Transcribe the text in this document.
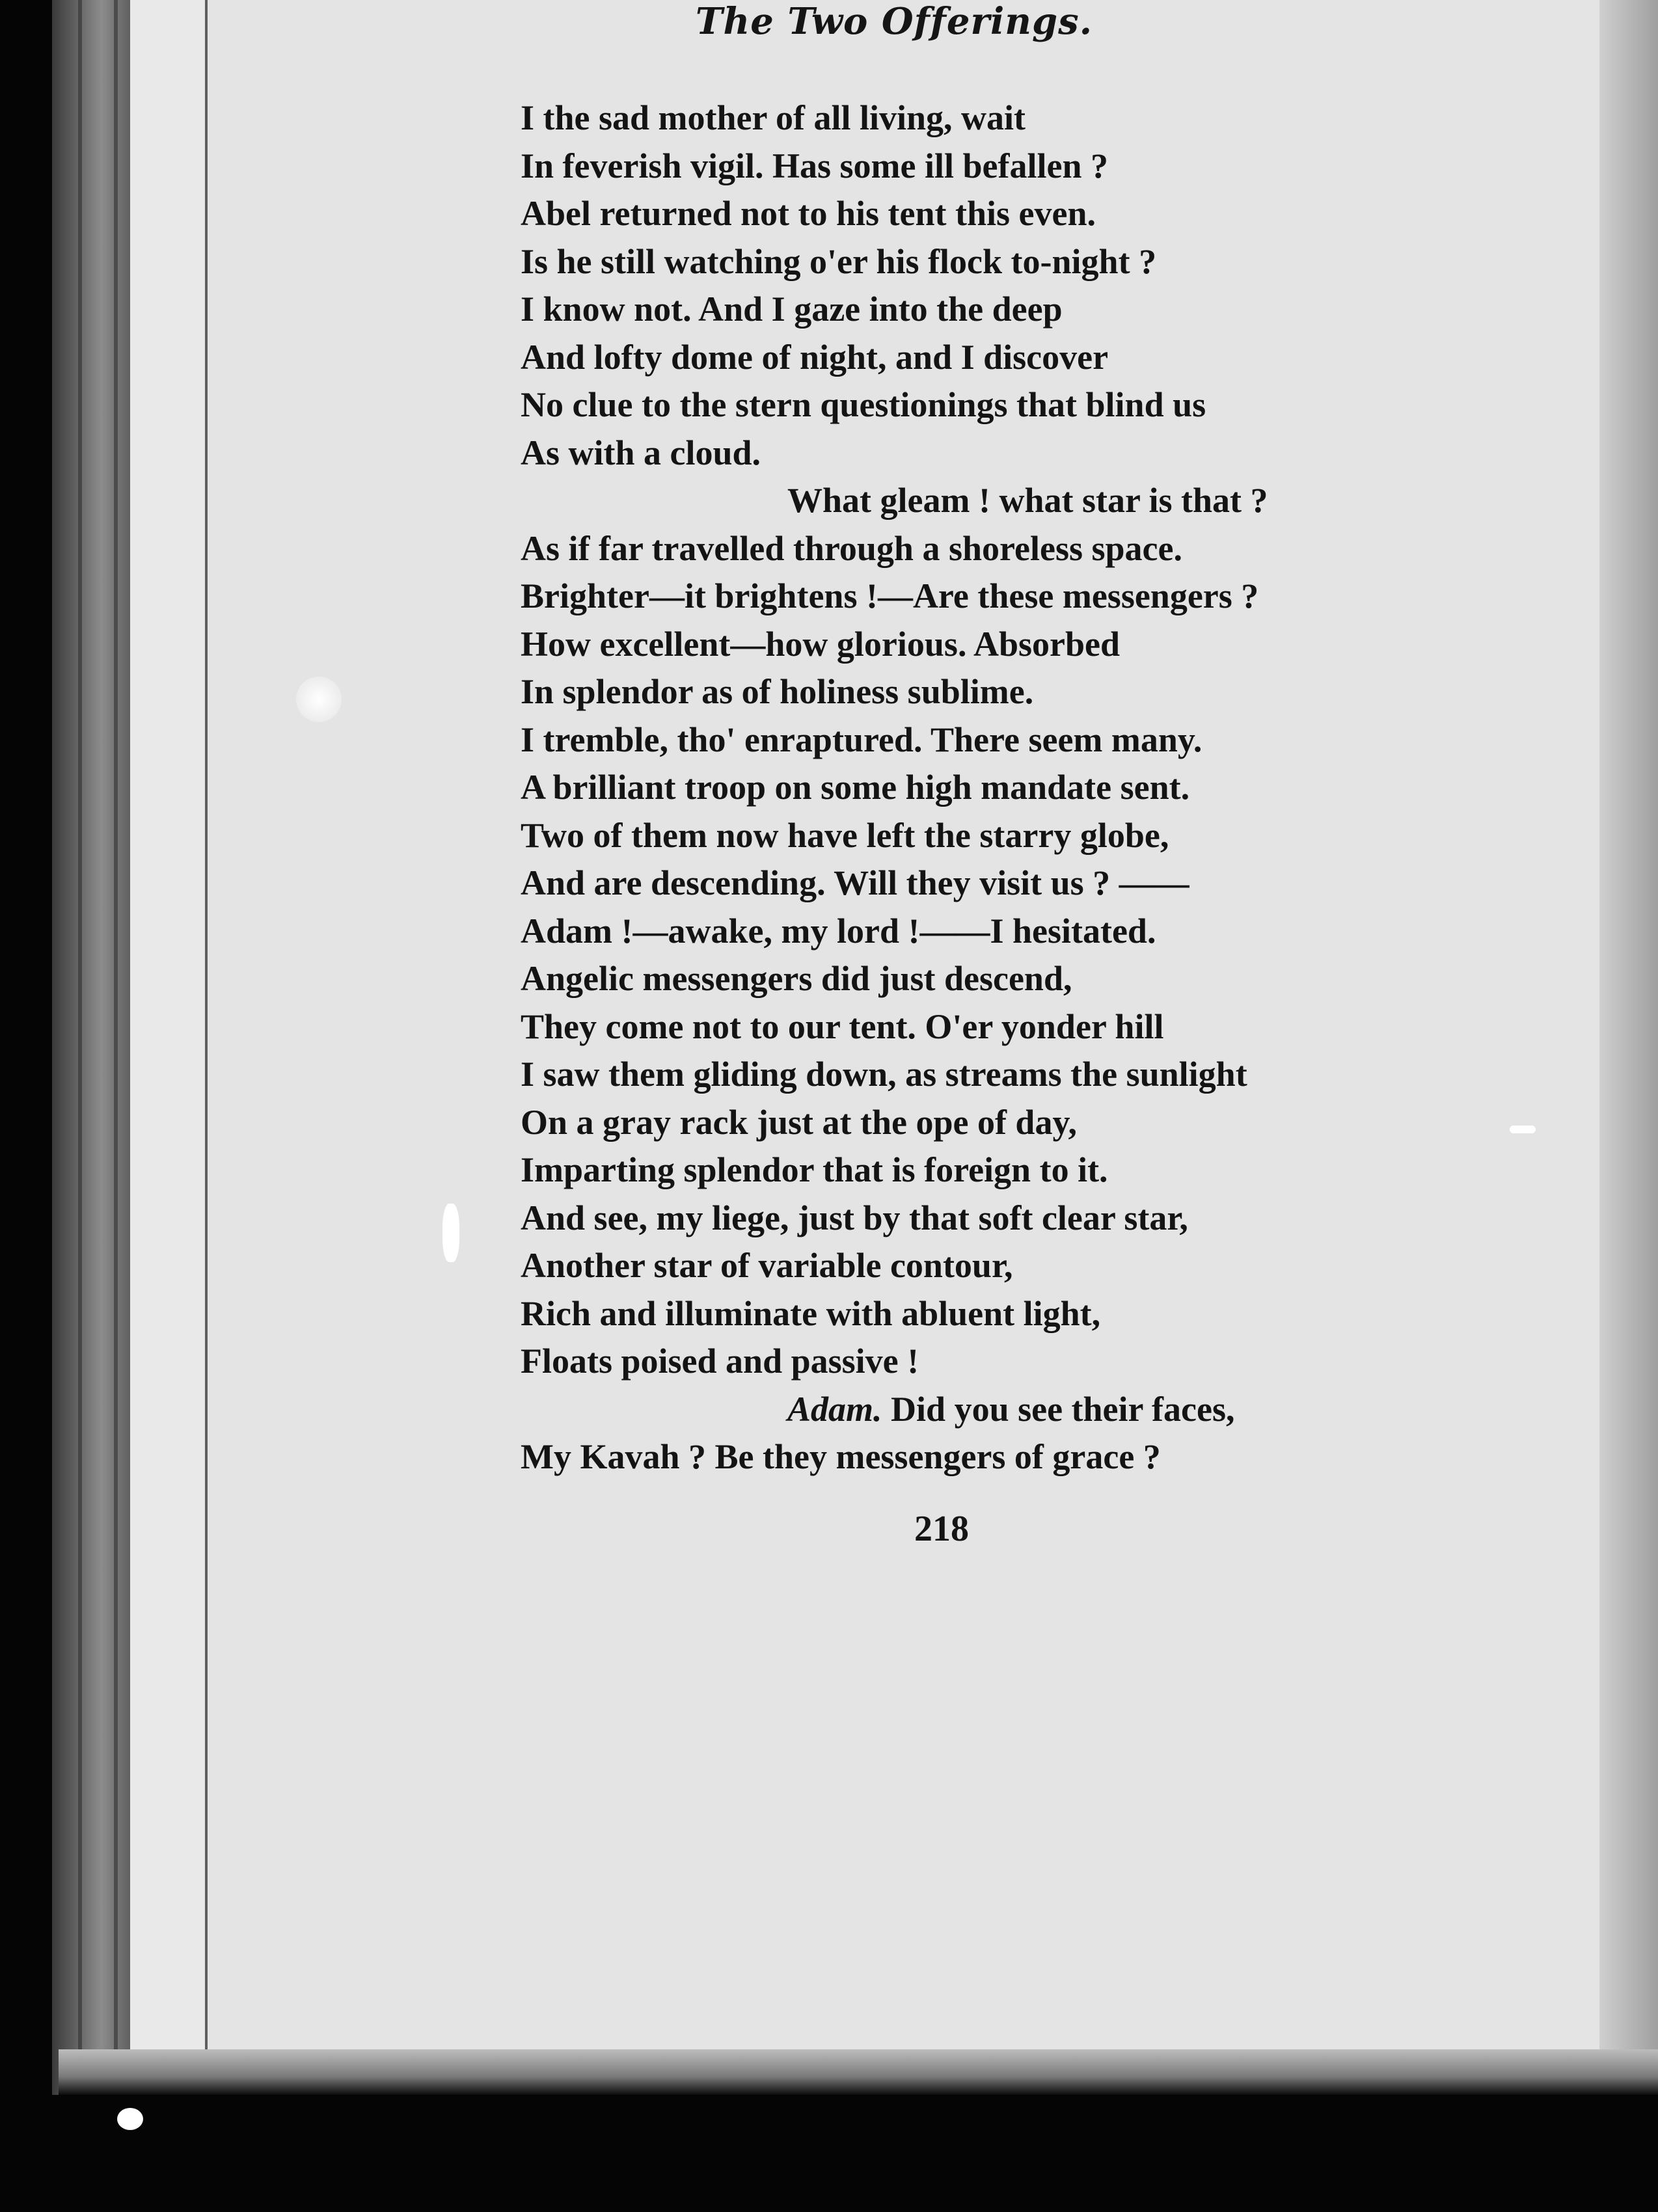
The Two Offerings.
I the sad mother of all living, wait
In feverish vigil. Has some ill befallen ?
Abel returned not to his tent this even.
Is he still watching o'er his flock to-night ?
I know not. And I gaze into the deep
And lofty dome of night, and I discover
No clue to the stern questionings that blind us
As with a cloud.
What gleam ! what star is that ?
As if far travelled through a shoreless space.
Brighter—it brightens !—Are these messengers ?
How excellent—how glorious. Absorbed
In splendor as of holiness sublime.
I tremble, tho' enraptured. There seem many.
A brilliant troop on some high mandate sent.
Two of them now have left the starry globe,
And are descending. Will they visit us ? ——
Adam !—awake, my lord !——I hesitated.
Angelic messengers did just descend,
They come not to our tent. O'er yonder hill
I saw them gliding down, as streams the sunlight
On a gray rack just at the ope of day,
Imparting splendor that is foreign to it.
And see, my liege, just by that soft clear star,
Another star of variable contour,
Rich and illuminate with abluent light,
Floats poised and passive !
Adam. Did you see their faces,
My Kavah ? Be they messengers of grace ?
218
